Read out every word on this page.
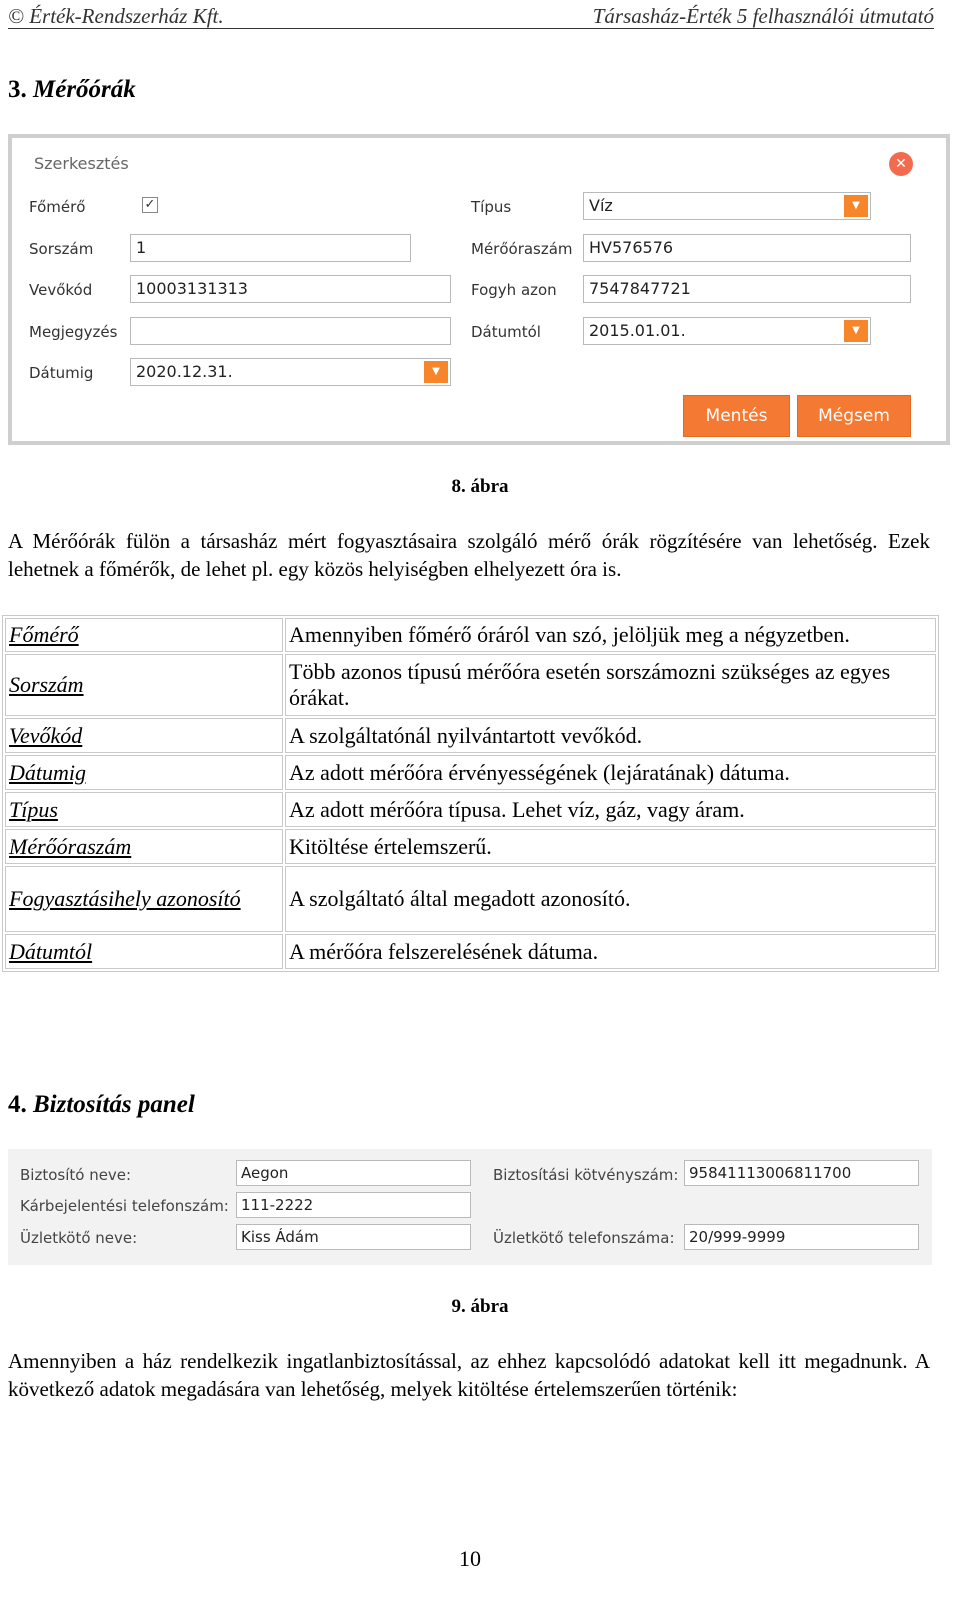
© Érték-Rendszerház Kft.	Társasház-Érték 5 felhasználói útmutató
3. Mérőórák
Szerkesztés	✕
Főmérő	✓
Sorszám	1
Vevőkód	10003131313
Megjegyzés
Dátumig	2020.12.31.	▼
Típus	Víz	▼
Mérőóraszám	HV576576
Fogyh azon	7547847721
Dátumtól	2015.01.01.	▼
Mentés	Mégsem
8. ábra
A Mérőórák fülön a társasház mért fogyasztásaira szolgáló mérő órák rögzítésére van lehetőség. Ezek lehetnek a főmérők, de lehet pl. egy közös helyiségben elhelyezett óra is.
Főmérő	Amennyiben főmérő óráról van szó, jelöljük meg a négyzetben.
Sorszám	Több azonos típusú mérőóra esetén sorszámozni szükséges az egyes órákat.
Vevőkód	A szolgáltatónál nyilvántartott vevőkód.
Dátumig	Az adott mérőóra érvényességének (lejáratának) dátuma.
Típus	Az adott mérőóra típusa. Lehet víz, gáz, vagy áram.
Mérőóraszám	Kitöltése értelemszerű.
Fogyasztásihely azonosító	A szolgáltató által megadott azonosító.
Dátumtól	A mérőóra felszerelésének dátuma.
4. Biztosítás panel
Biztosító neve:	Aegon
Kárbejelentési telefonszám: 111-2222
Üzletkötő neve:	Kiss Ádám
Biztosítási kötvényszám: 95841113006811700
Üzletkötő telefonszáma: 20/999-9999
9. ábra
Amennyiben a ház rendelkezik ingatlanbiztosítással, az ehhez kapcsolódó adatokat kell itt megadnunk. A következő adatok megadására van lehetőség, melyek kitöltése értelemszerűen történik:
10
